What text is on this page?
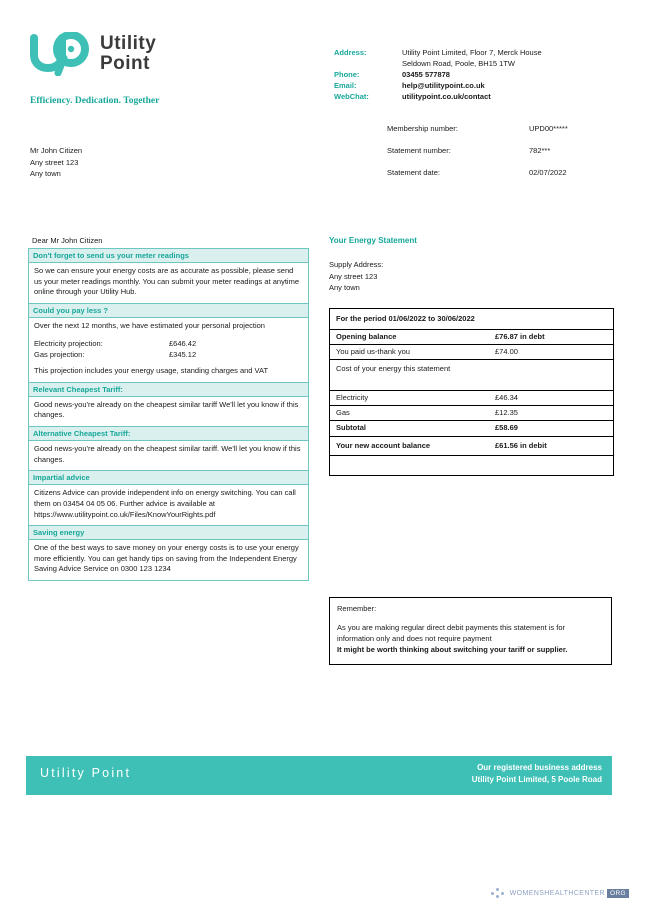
Utility
Point
Efficiency. Dedication. Together
Address:	Utility Point Limited, Floor 7, Merck House
Seldown Road, Poole, BH15 1TW
Phone:	03455 577878
Email:	help@utilitypoint.co.uk
WebChat:	utilitypoint.co.uk/contact
Mr John Citizen
Any street 123
Any town
Membership number:	UPD00*****
Statement number:	782***
Statement date:	02/07/2022
Dear Mr John Citizen
Don't forget to send us your meter readings
So we can ensure your energy costs are as accurate as possible, please send us your meter readings monthly. You can submit your meter readings at anytime online through your Utility Hub.
Could you pay less ?
Over the next 12 months, we have estimated your personal projection
Electricity projection:	£646.42
Gas projection:	£345.12
This projection includes your energy usage, standing charges and VAT
Relevant Cheapest Tariff:
Good news-you're already on the cheapest similar tariff We'll let you know if this changes.
Alternative Cheapest Tariff:
Good news-you're already on the cheapest similar tariff. We'll let you know if this changes.
Impartial advice
Citizens Advice can provide independent info on energy switching. You can call them on 03454 04 05 06. Further advice is available at https://www.utilitypoint.co.uk/Files/KnowYourRights.pdf
Saving energy
One of the best ways to save money on your energy costs is to use your energy more efficiently. You can get handy tips on saving from the Independent Energy Saving Advice Service on 0300 123 1234
Your Energy Statement
Supply Address:
Any street 123
Any town
For the period 01/06/2022 to 30/06/2022
Opening balance	£76.87 in debt
You paid us-thank you	£74.00
Cost of your energy this statement
Electricity	£46.34
Gas	£12.35
Subtotal	£58.69
Your new account balance	£61.56 in debit
Remember:
As you are making regular direct debit payments this statement is for information only and does not require payment
It might be worth thinking about switching your tariff or supplier.
Utility Point	Our registered business address
Utility Point Limited, 5 Poole Road
WOMENSHEALTHCENTER ORG
